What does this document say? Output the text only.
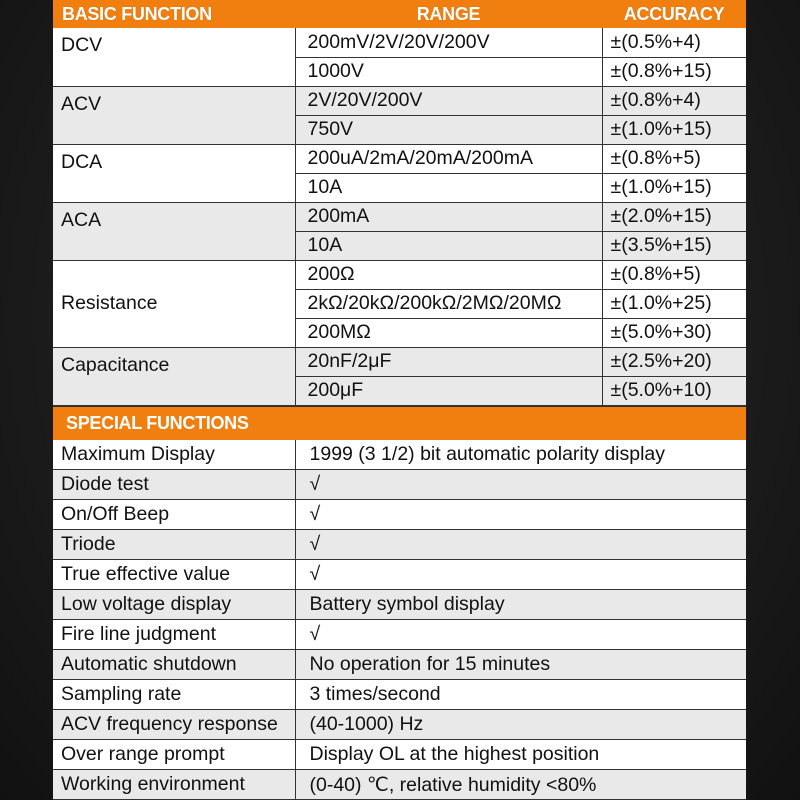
BASIC FUNCTION	RANGE	ACCURACY
DCV	200mV/2V/20V/200V	±(0.5%+4)
	1000V	±(0.8%+15)
ACV	2V/20V/200V	±(0.8%+4)
	750V	±(1.0%+15)
DCA	200uA/2mA/20mA/200mA	±(0.8%+5)
	10A	±(1.0%+15)
ACA	200mA	±(2.0%+15)
	10A	±(3.5%+15)
Resistance	200Ω	±(0.8%+5)
	2kΩ/20kΩ/200kΩ/2MΩ/20MΩ	±(1.0%+25)
	200MΩ	±(5.0%+30)
Capacitance	20nF/2μF	±(2.5%+20)
	200μF	±(5.0%+10)
SPECIAL FUNCTIONS
Maximum Display	1999 (3 1/2) bit automatic polarity display
Diode test	√
On/Off Beep	√
Triode	√
True effective value	√
Low voltage display	Battery symbol display
Fire line judgment	√
Automatic shutdown	No operation for 15 minutes
Sampling rate	3 times/second
ACV frequency response	(40-1000) Hz
Over range prompt	Display OL at the highest position
Working environment	(0-40) ℃, relative humidity <80%
